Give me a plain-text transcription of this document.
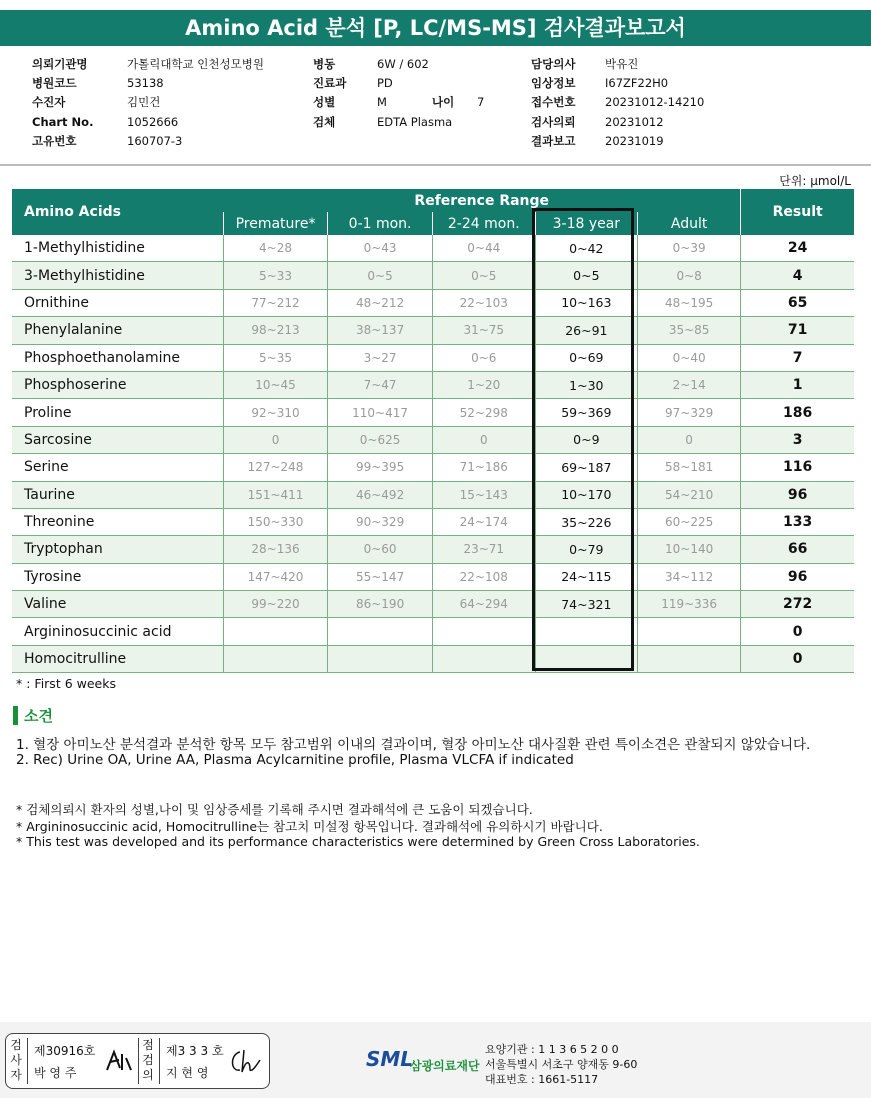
Amino Acid 분석 [P, LC/MS-MS] 검사결과보고서
의뢰기관명	가톨릭대학교 인천성모병원
병원코드	53138
수진자	김민건
Chart No.	1052666
고유번호	160707-3
병동	6W / 602
진료과	PD
성별	M
검체	EDTA Plasma
나이 7
담당의사	박유진
임상정보	I67ZF22H0
접수번호	20231012-14210
검사의뢰	20231012
결과보고	20231019
단위: μmol/L
Amino Acids	Reference Range					Result
	Premature*	0-1 mon.	2-24 mon.	3-18 year	Adult	
1-Methylhistidine	4~28	0~43	0~44	0~42	0~39	24
3-Methylhistidine	5~33	0~5	0~5	0~5	0~8	4
Ornithine	77~212	48~212	22~103	10~163	48~195	65
Phenylalanine	98~213	38~137	31~75	26~91	35~85	71
Phosphoethanolamine	5~35	3~27	0~6	0~69	0~40	7
Phosphoserine	10~45	7~47	1~20	1~30	2~14	1
Proline	92~310	110~417	52~298	59~369	97~329	186
Sarcosine	0	0~625	0	0~9	0	3
Serine	127~248	99~395	71~186	69~187	58~181	116
Taurine	151~411	46~492	15~143	10~170	54~210	96
Threonine	150~330	90~329	24~174	35~226	60~225	133
Tryptophan	28~136	0~60	23~71	0~79	10~140	66
Tyrosine	147~420	55~147	22~108	24~115	34~112	96
Valine	99~220	86~190	64~294	74~321	119~336	272
Argininosuccinic acid						0
Homocitrulline						0
* : First 6 weeks
소견
1. 혈장 아미노산 분석결과 분석한 항목 모두 참고범위 이내의 결과이며, 혈장 아미노산 대사질환 관련 특이소견은 관찰되지 않았습니다.
2. Rec) Urine OA, Urine AA, Plasma Acylcarnitine profile, Plasma VLCFA if indicated
* 검체의뢰시 환자의 성별,나이 및 임상증세를 기록해 주시면 결과해석에 큰 도움이 되겠습니다.
* Argininosuccinic acid, Homocitrulline는 참고치 미설정 항목입니다. 결과해석에 유의하시기 바랍니다.
* This test was developed and its performance characteristics were determined by Green Cross Laboratories.
검
사
자
제30916호
박 영 주
점
검
의
제3 3 3 호
지 현 영
SML
삼광의료재단
요양기관 : 1 1 3 6 5 2 0 0
서울특별시 서초구 양재동 9-60
대표번호 : 1661-5117
